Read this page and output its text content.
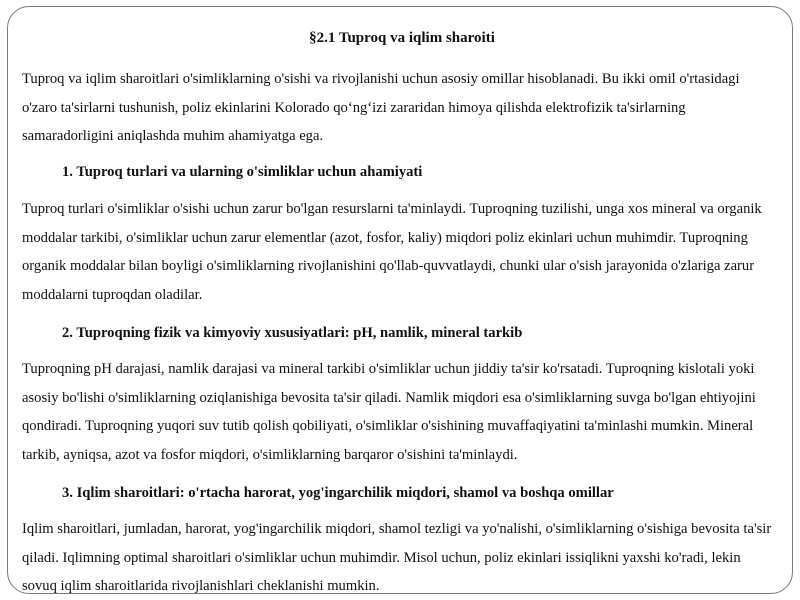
§2.1 Tuproq va iqlim sharoiti

Tuproq va iqlim sharoitlari o'simliklarning o'sishi va rivojlanishi uchun asosiy omillar hisoblanadi. Bu ikki omil o'rtasidagi o'zaro ta'sirlarni tushunish, poliz ekinlarini Kolorado qo‘ng‘izi zararidan himoya qilishda elektrofizik ta'sirlarning samaradorligini aniqlashda muhim ahamiyatga ega.

1. Tuproq turlari va ularning o'simliklar uchun ahamiyati

Tuproq turlari o'simliklar o'sishi uchun zarur bo'lgan resurslarni ta'minlaydi. Tuproqning tuzilishi, unga xos mineral va organik moddalar tarkibi, o'simliklar uchun zarur elementlar (azot, fosfor, kaliy) miqdori poliz ekinlari uchun muhimdir. Tuproqning organik moddalar bilan boyligi o'simliklarning rivojlanishini qo'llab-quvvatlaydi, chunki ular o'sish jarayonida o'zlariga zarur moddalarni tuproqdan oladilar.

2. Tuproqning fizik va kimyoviy xususiyatlari: pH, namlik, mineral tarkib

Tuproqning pH darajasi, namlik darajasi va mineral tarkibi o'simliklar uchun jiddiy ta'sir ko'rsatadi. Tuproqning kislotali yoki asosiy bo'lishi o'simliklarning oziqlanishiga bevosita ta'sir qiladi. Namlik miqdori esa o'simliklarning suvga bo'lgan ehtiyojini qondiradi. Tuproqning yuqori suv tutib qolish qobiliyati, o'simliklar o'sishining muvaffaqiyatini ta'minlashi mumkin. Mineral tarkib, ayniqsa, azot va fosfor miqdori, o'simliklarning barqaror o'sishini ta'minlaydi.

3. Iqlim sharoitlari: o'rtacha harorat, yog'ingarchilik miqdori, shamol va boshqa omillar

Iqlim sharoitlari, jumladan, harorat, yog'ingarchilik miqdori, shamol tezligi va yo'nalishi, o'simliklarning o'sishiga bevosita ta'sir qiladi. Iqlimning optimal sharoitlari o'simliklar uchun muhimdir. Misol uchun, poliz ekinlari issiqlikni yaxshi ko'radi, lekin sovuq iqlim sharoitlarida rivojlanishlari cheklanishi mumkin.
